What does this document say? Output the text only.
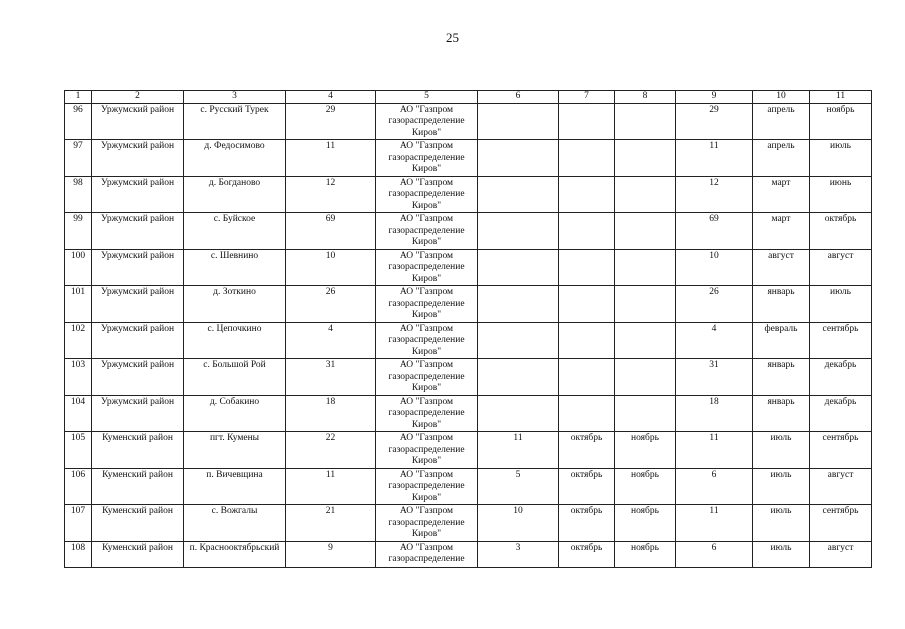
25
1	2	3	4	5	6	7	8	9	10	11
96	Уржумский район	с. Русский Турек	29	АО "Газпром газораспределение Киров"				29	апрель	ноябрь
97	Уржумский район	д. Федосимово	11	АО "Газпром газораспределение Киров"				11	апрель	июль
98	Уржумский район	д. Богданово	12	АО "Газпром газораспределение Киров"				12	март	июнь
99	Уржумский район	с. Буйское	69	АО "Газпром газораспределение Киров"				69	март	октябрь
100	Уржумский район	с. Шевнино	10	АО "Газпром газораспределение Киров"				10	август	август
101	Уржумский район	д. Зоткино	26	АО "Газпром газораспределение Киров"				26	январь	июль
102	Уржумский район	с. Цепочкино	4	АО "Газпром газораспределение Киров"				4	февраль	сентябрь
103	Уржумский район	с. Большой Рой	31	АО "Газпром газораспределение Киров"				31	январь	декабрь
104	Уржумский район	д. Собакино	18	АО "Газпром газораспределение Киров"				18	январь	декабрь
105	Куменский район	пгт. Кумены	22	АО "Газпром газораспределение Киров"	11	октябрь	ноябрь	11	июль	сентябрь
106	Куменский район	п. Вичевщина	11	АО "Газпром газораспределение Киров"	5	октябрь	ноябрь	6	июль	август
107	Куменский район	с. Вожгалы	21	АО "Газпром газораспределение Киров"	10	октябрь	ноябрь	11	июль	сентябрь
108	Куменский район	п. Краснооктябрьский	9	АО "Газпром газораспределение	3	октябрь	ноябрь	6	июль	август
